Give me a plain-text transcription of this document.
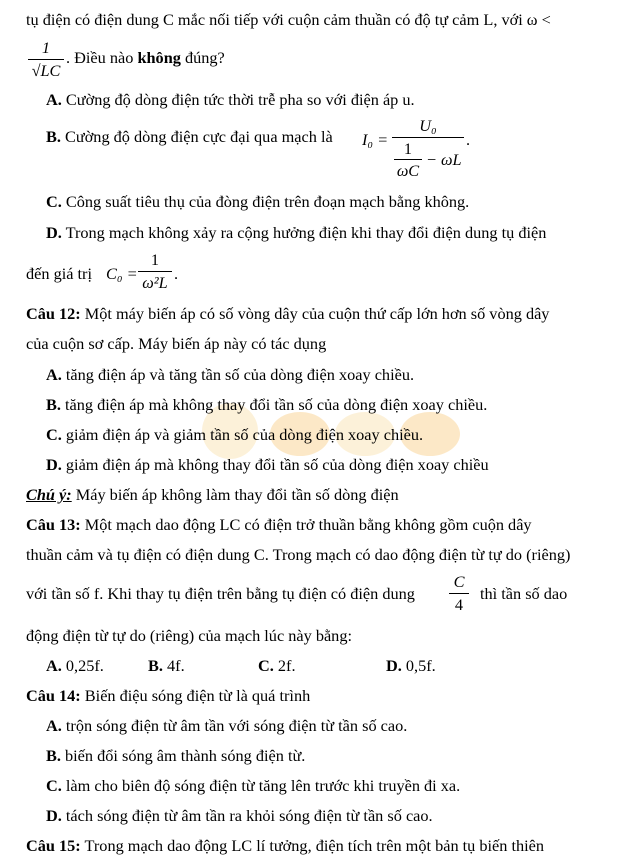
tụ điện có điện dung C mắc nối tiếp với cuộn cảm thuần có độ tự cảm L, với ω <
1
√LC
. Điều nào không đúng?
A. Cường độ dòng điện tức thời trễ pha so với điện áp u.
B. Cường độ dòng điện cực đại qua mạch là I₀ =
U₀
1
ωC
− ωL
.
C. Công suất tiêu thụ của đòng điện trên đoạn mạch bằng không.
D. Trong mạch không xảy ra cộng hưởng điện khi thay đổi điện dung tụ điện
đến giá trị C₀ =
1
ω²L .
Câu 12: Một máy biến áp có số vòng dây của cuộn thứ cấp lớn hơn số vòng dây
của cuộn sơ cấp. Máy biến áp này có tác dụng
A. tăng điện áp và tăng tần số của dòng điện xoay chiều.
B. tăng điện áp mà không thay đổi tần số của dòng điện xoay chiều.
C. giảm điện áp và giảm tần số của dòng điện xoay chiều.
D. giảm điện áp mà không thay đổi tần số của dòng điện xoay chiều
Chú ý: Máy biến áp không làm thay đổi tần số dòng điện
Câu 13: Một mạch dao động LC có điện trở thuần bằng không gồm cuộn dây
thuần cảm và tụ điện có điện dung C. Trong mạch có dao động điện từ tự do (riêng)
với tần số f. Khi thay tụ điện trên bằng tụ điện có điện dung
C
4
thì tần số dao
động điện từ tự do (riêng) của mạch lúc này bằng:
A. 0,25f.	B. 4f.	C. 2f.	D. 0,5f.
Câu 14: Biến điệu sóng điện từ là quá trình
A. trộn sóng điện từ âm tần với sóng điện từ tần số cao.
B. biến đổi sóng âm thành sóng điện từ.
C. làm cho biên độ sóng điện từ tăng lên trước khi truyền đi xa.
D. tách sóng điện từ âm tần ra khỏi sóng điện từ tần số cao.
Câu 15: Trong mạch dao động LC lí tưởng, điện tích trên một bản tụ biến thiên
